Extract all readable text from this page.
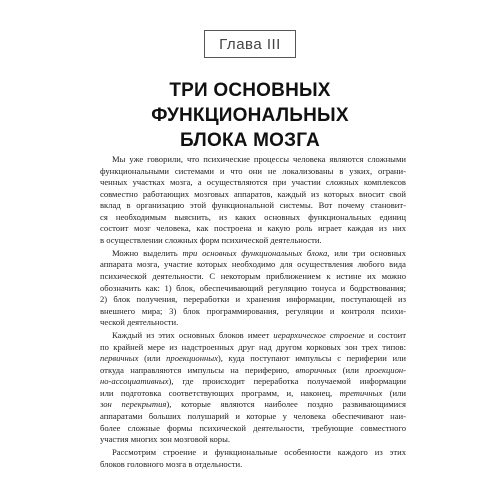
Глава III
ТРИ ОСНОВНЫХ
ФУНКЦИОНАЛЬНЫХ
БЛОКА МОЗГА
Мы уже говорили, что психические процессы человека являются сложными
функциональными системами и что они не локализованы в узких, ограни-
ченных участках мозга, а осуществляются при участии сложных комплексов
совместно работающих мозговых аппаратов, каждый из которых вносит свой
вклад в организацию этой функциональной системы. Вот почему становит-
ся необходимым выяснить, из каких основных функциональных единиц
состоит мозг человека, как построена и какую роль играет каждая из них
в осуществлении сложных форм психической деятельности.
Можно выделить три основных функциональных блока, или три основных
аппарата мозга, участие которых необходимо для осуществления любого вида
психической деятельности. С некоторым приближением к истине их можно
обозначить как: 1) блок, обеспечивающий регуляцию тонуса и бодрствования;
2) блок получения, переработки и хранения информации, поступающей из
внешнего мира; 3) блок программирования, регуляции и контроля психи-
ческой деятельности.
Каждый из этих основных блоков имеет иерархическое строение и состоит
по крайней мере из надстроенных друг над другом корковых зон трех типов:
первичных (или проекционных), куда поступают импульсы с периферии или
откуда направляются импульсы на периферию, вторичных (или проекцион-
но-ассоциативных), где происходит переработка получаемой информации
или подготовка соответствующих программ, и, наконец, третичных (или
зон перекрытия), которые являются наиболее поздно развивающимися
аппаратами больших полушарий и которые у человека обеспечивают наи-
более сложные формы психической деятельности, требующие совместного
участия многих зон мозговой коры.
Рассмотрим строение и функциональные особенности каждого из этих
блоков головного мозга в отдельности.
